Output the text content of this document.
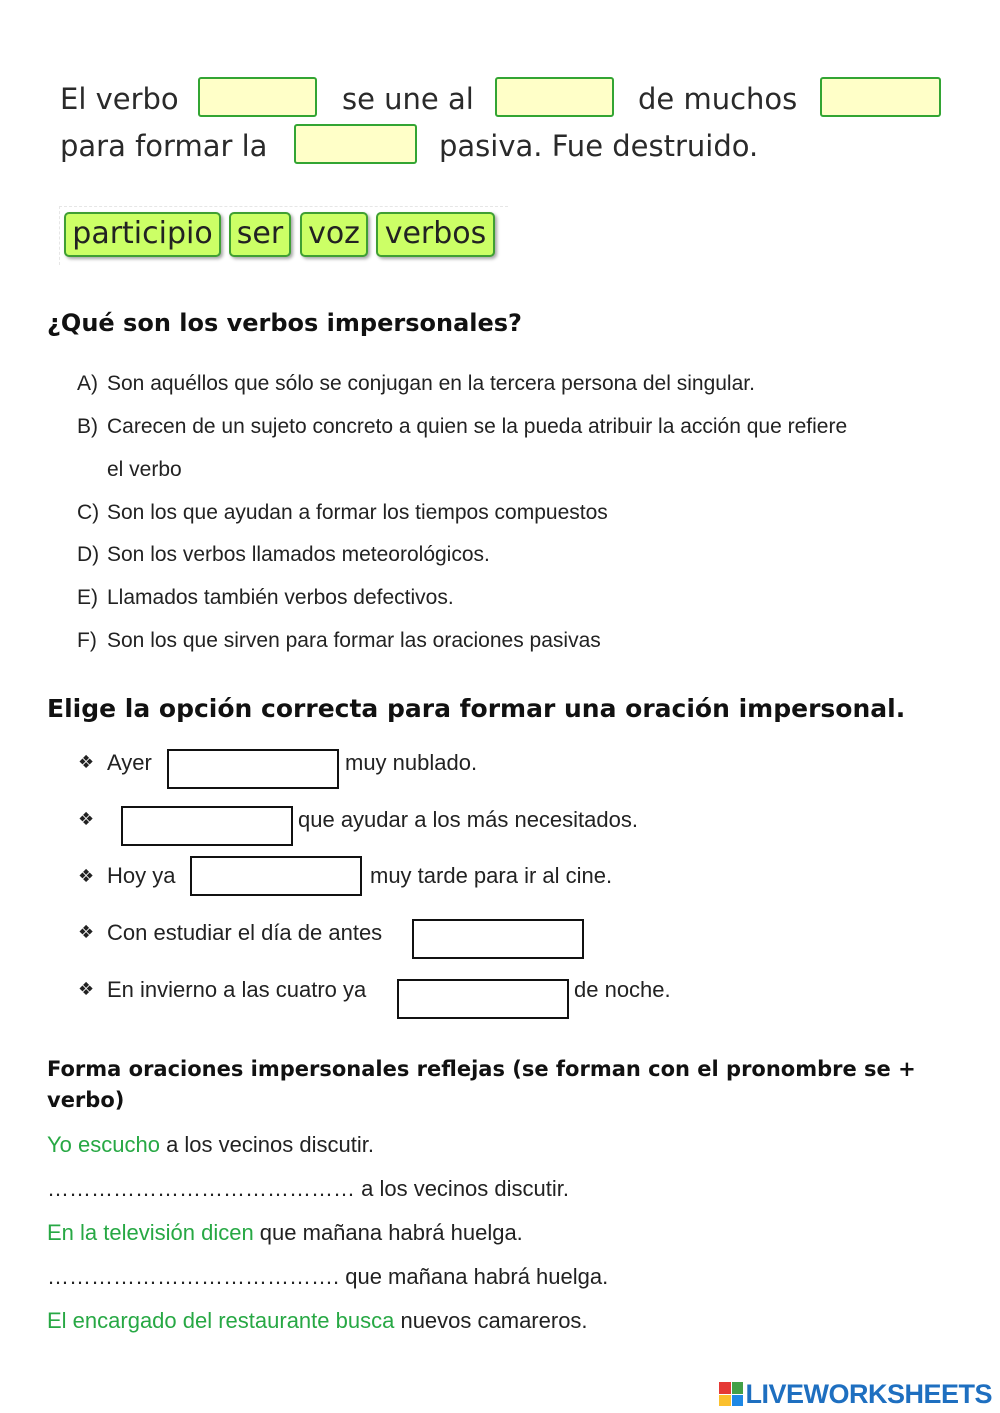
El verbo	se une al	de muchos
para formar la	pasiva. Fue destruido.
participio ser voz verbos
¿Qué son los verbos impersonales?
A) Son aquéllos que sólo se conjugan en la tercera persona del singular.
B) Carecen de un sujeto concreto a quien se la pueda atribuir la acción que refiere
el verbo
C) Son los que ayudan a formar los tiempos compuestos
D) Son los verbos llamados meteorológicos.
E) Llamados también verbos defectivos.
F) Son los que sirven para formar las oraciones pasivas
Elige la opción correcta para formar una oración impersonal.
❖ Ayer	muy nublado.
❖	que ayudar a los más necesitados.
❖ Hoy ya	muy tarde para ir al cine.
❖ Con estudiar el día de antes
❖ En invierno a las cuatro ya	de noche.
Forma oraciones impersonales reflejas (se forman con el pronombre se +
verbo)
Yo escucho a los vecinos discutir.
…………………………………… a los vecinos discutir.
En la televisión dicen que mañana habrá huelga.
…………………………………. que mañana habrá huelga.
El encargado del restaurante busca nuevos camareros.
LIVEWORKSHEETS
